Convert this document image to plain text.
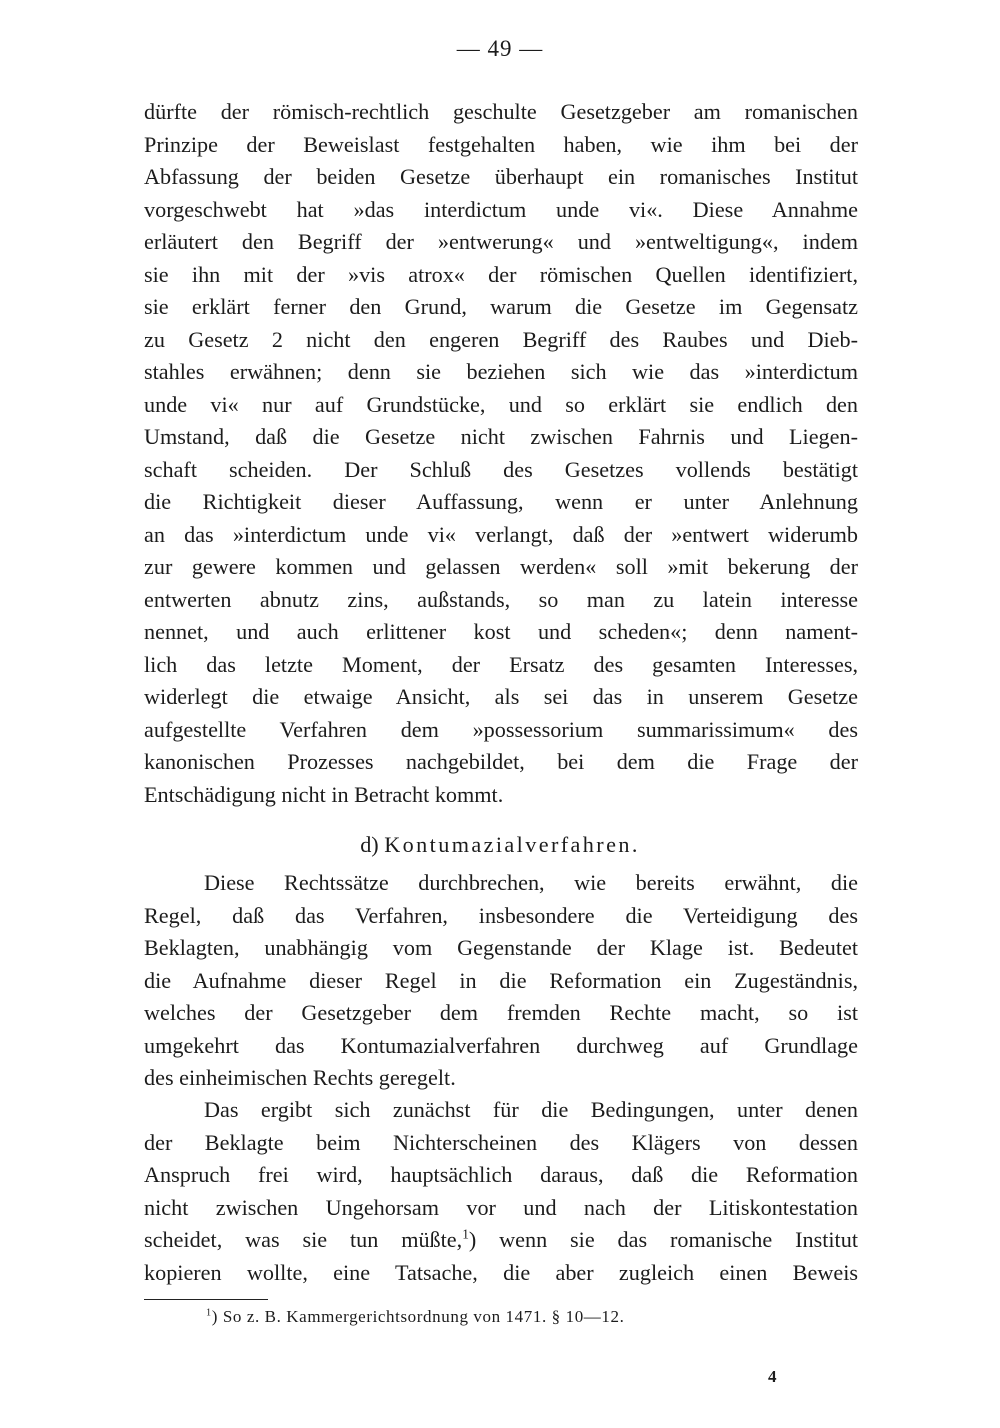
— 49 —
dürfte der römisch-rechtlich geschulte Gesetzgeber am romanischen
Prinzipe der Beweislast festgehalten haben, wie ihm bei der
Abfassung der beiden Gesetze überhaupt ein romanisches Institut
vorgeschwebt hat »das interdictum unde vi«. Diese Annahme
erläutert den Begriff der »entwerung« und »entweltigung«, indem
sie ihn mit der »vis atrox« der römischen Quellen identifiziert,
sie erklärt ferner den Grund, warum die Gesetze im Gegensatz
zu Gesetz 2 nicht den engeren Begriff des Raubes und Dieb-
stahles erwähnen; denn sie beziehen sich wie das »interdictum
unde vi« nur auf Grundstücke, und so erklärt sie endlich den
Umstand, daß die Gesetze nicht zwischen Fahrnis und Liegen-
schaft scheiden. Der Schluß des Gesetzes vollends bestätigt
die Richtigkeit dieser Auffassung, wenn er unter Anlehnung
an das »interdictum unde vi« verlangt, daß der »entwert widerumb
zur gewere kommen und gelassen werden« soll »mit bekerung der
entwerten abnutz zins, außstands, so man zu latein interesse
nennet, und auch erlittener kost und scheden«; denn nament-
lich das letzte Moment, der Ersatz des gesamten Interesses,
widerlegt die etwaige Ansicht, als sei das in unserem Gesetze
aufgestellte Verfahren dem »possessorium summarissimum« des
kanonischen Prozesses nachgebildet, bei dem die Frage der
Entschädigung nicht in Betracht kommt.
d) Kontumazialverfahren.
Diese Rechtssätze durchbrechen, wie bereits erwähnt, die
Regel, daß das Verfahren, insbesondere die Verteidigung des
Beklagten, unabhängig vom Gegenstande der Klage ist. Bedeutet
die Aufnahme dieser Regel in die Reformation ein Zugeständnis,
welches der Gesetzgeber dem fremden Rechte macht, so ist
umgekehrt das Kontumazialverfahren durchweg auf Grundlage
des einheimischen Rechts geregelt.
Das ergibt sich zunächst für die Bedingungen, unter denen
der Beklagte beim Nichterscheinen des Klägers von dessen
Anspruch frei wird, hauptsächlich daraus, daß die Reformation
nicht zwischen Ungehorsam vor und nach der Litiskontestation
scheidet, was sie tun müßte,$^1$) wenn sie das romanische Institut
kopieren wollte, eine Tatsache, die aber zugleich einen Beweis
$^1$) So z. B. Kammergerichtsordnung von 1471. § 10—12.
4
